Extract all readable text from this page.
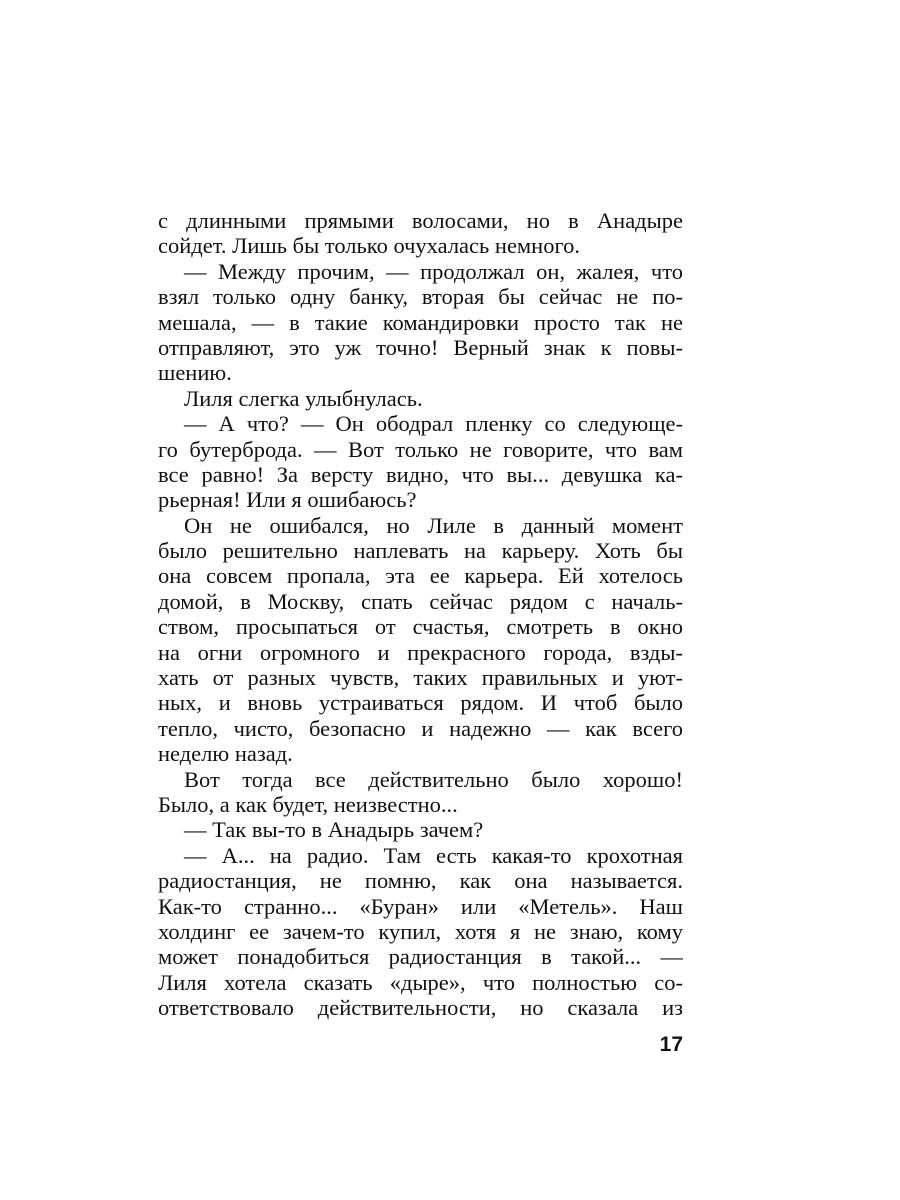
с длинными прямыми волосами, но в Анадыре
сойдет. Лишь бы только очухалась немного.
— Между прочим, — продолжал он, жалея, что
взял только одну банку, вторая бы сейчас не по-
мешала, — в такие командировки просто так не
отправляют, это уж точно! Верный знак к повы-
шению.
Лиля слегка улыбнулась.
— А что? — Он ободрал пленку со следующе-
го бутерброда. — Вот только не говорите, что вам
все равно! За версту видно, что вы... девушка ка-
рьерная! Или я ошибаюсь?
Он не ошибался, но Лиле в данный момент
было решительно наплевать на карьеру. Хоть бы
она совсем пропала, эта ее карьера. Ей хотелось
домой, в Москву, спать сейчас рядом с началь-
ством, просыпаться от счастья, смотреть в окно
на огни огромного и прекрасного города, взды-
хать от разных чувств, таких правильных и уют-
ных, и вновь устраиваться рядом. И чтоб было
тепло, чисто, безопасно и надежно — как всего
неделю назад.
Вот тогда все действительно было хорошо!
Было, а как будет, неизвестно...
— Так вы-то в Анадырь зачем?
— А... на радио. Там есть какая-то крохотная
радиостанция, не помню, как она называется.
Как-то странно... «Буран» или «Метель». Наш
холдинг ее зачем-то купил, хотя я не знаю, кому
может понадобиться радиостанция в такой... —
Лиля хотела сказать «дыре», что полностью со-
ответствовало действительности, но сказала из
17
